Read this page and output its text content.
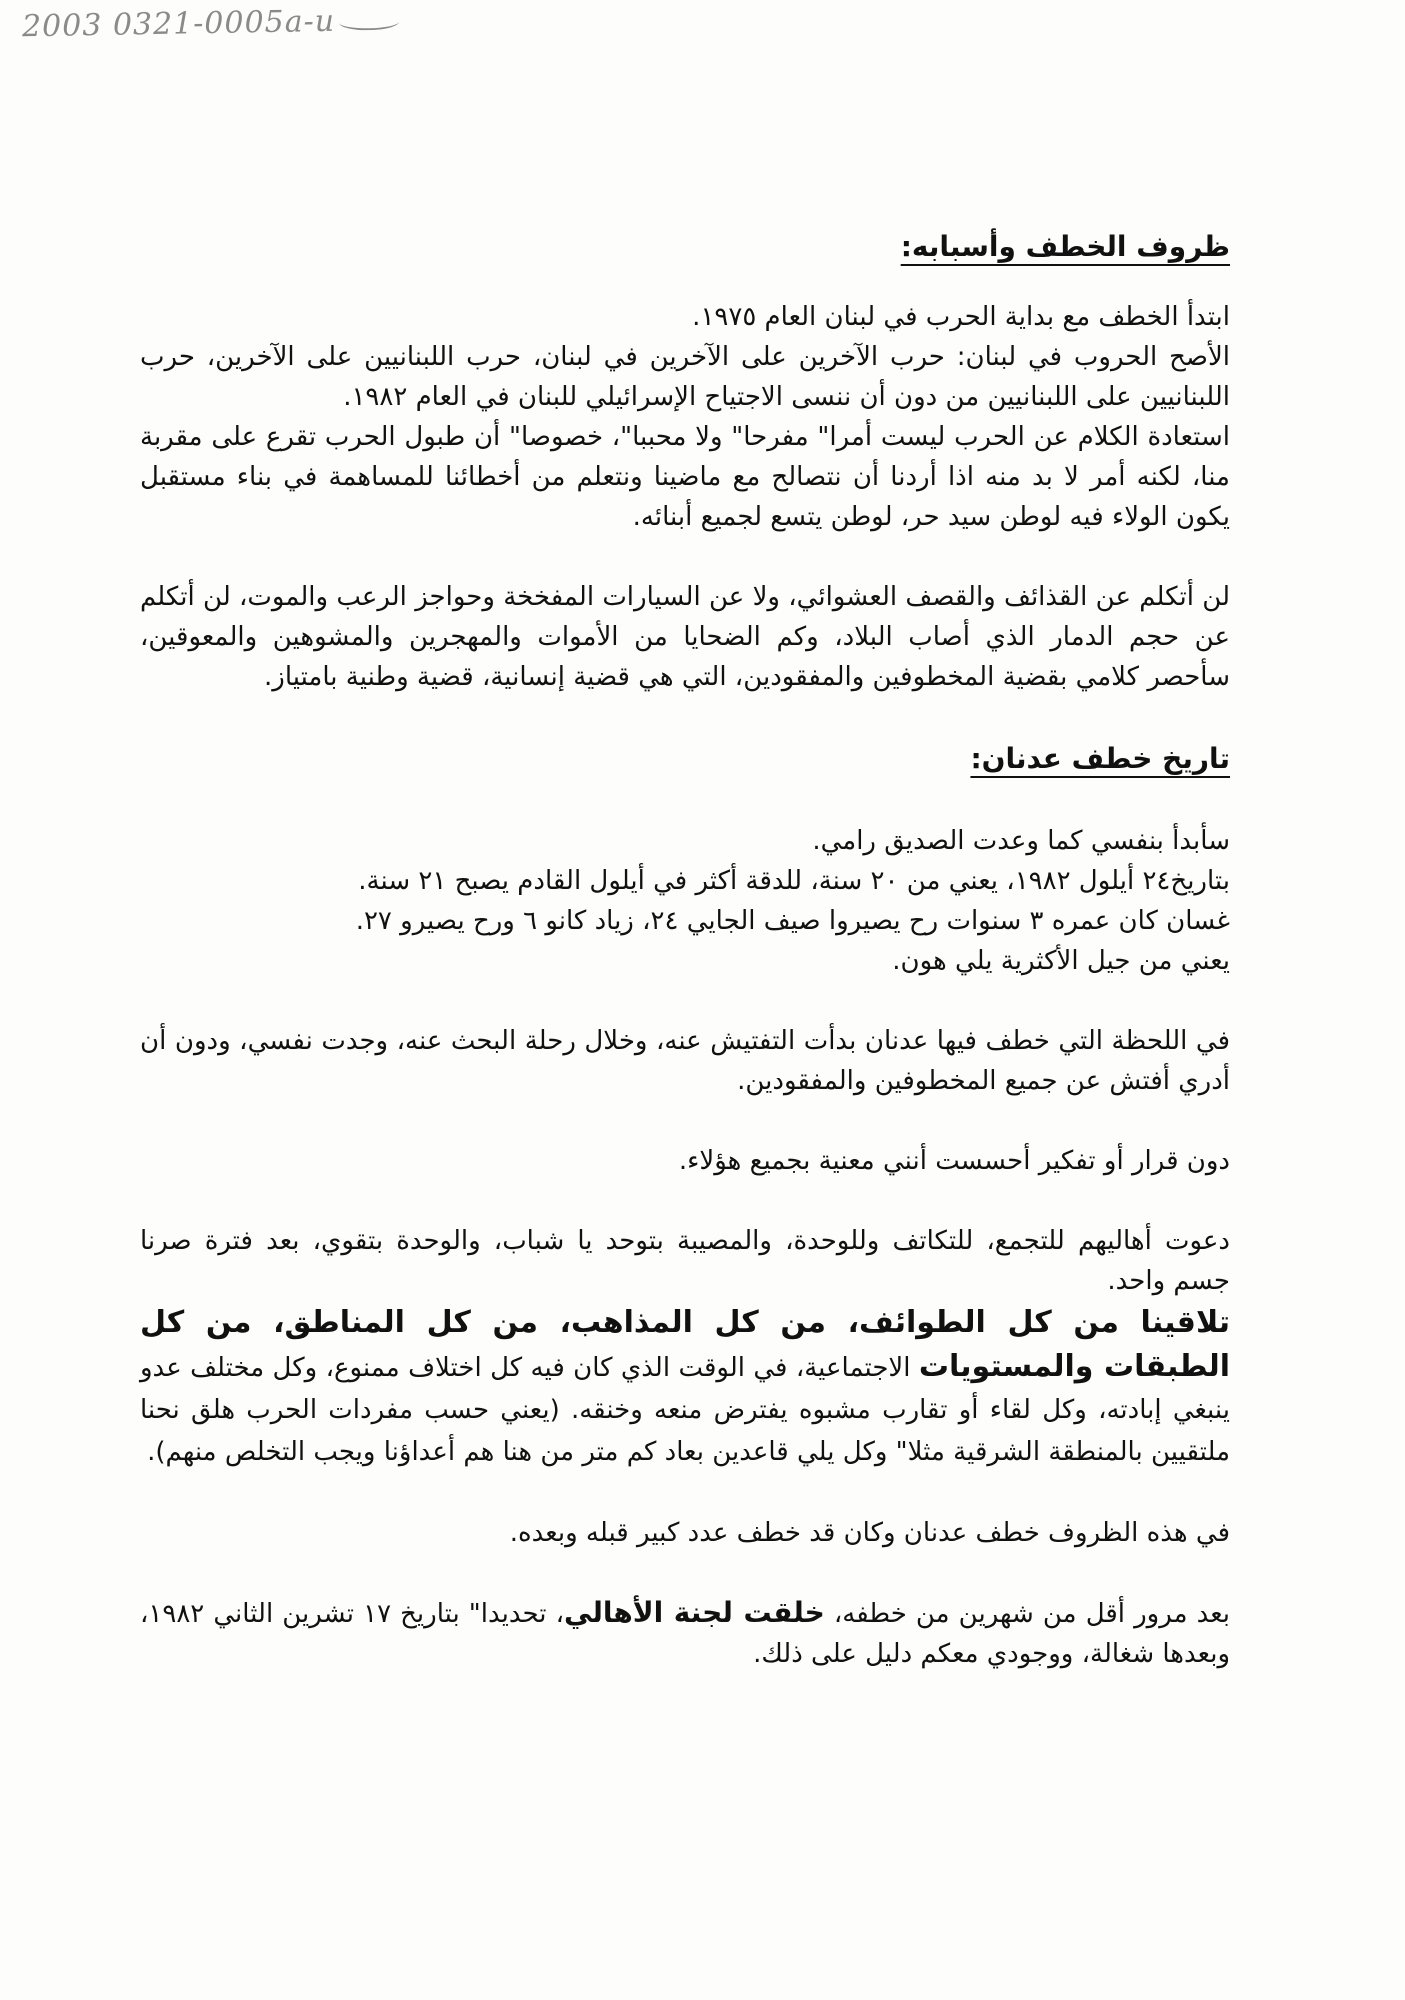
2003 0321-0005a-u
ظروف الخطف وأسبابه:

ابتدأ الخطف مع بداية الحرب في لبنان العام ١٩٧٥.

الأصح الحروب في لبنان: حرب الآخرين على الآخرين في لبنان، حرب اللبنانيين على الآخرين، حرب اللبنانيين على اللبنانيين من دون أن ننسى الاجتياح الإسرائيلي للبنان في العام ١٩٨٢.

استعادة الكلام عن الحرب ليست أمرا" مفرحا" ولا محببا"، خصوصا" أن طبول الحرب تقرع على مقربة منا، لكنه أمر لا بد منه اذا أردنا أن نتصالح مع ماضينا ونتعلم من أخطائنا للمساهمة في بناء مستقبل يكون الولاء فيه لوطن سيد حر، لوطن يتسع لجميع أبنائه.

لن أتكلم عن القذائف والقصف العشوائي، ولا عن السيارات المفخخة وحواجز الرعب والموت، لن أتكلم عن حجم الدمار الذي أصاب البلاد، وكم الضحايا من الأموات والمهجرين والمشوهين والمعوقين، سأحصر كلامي بقضية المخطوفين والمفقودين، التي هي قضية إنسانية، قضية وطنية بامتياز.

تاريخ خطف عدنان:

سأبدأ بنفسي كما وعدت الصديق رامي.

بتاريخ٢٤ أيلول ١٩٨٢، يعني من ٢٠ سنة، للدقة أكثر في أيلول القادم يصبح ٢١ سنة.

غسان كان عمره ٣ سنوات رح يصيروا صيف الجايي ٢٤، زياد كانو ٦ ورح يصيرو ٢٧.

يعني من جيل الأكثرية يلي هون.

في اللحظة التي خطف فيها عدنان بدأت التفتيش عنه، وخلال رحلة البحث عنه، وجدت نفسي، ودون أن أدري أفتش عن جميع المخطوفين والمفقودين.

دون قرار أو تفكير أحسست أنني معنية بجميع هؤلاء.

دعوت أهاليهم للتجمع، للتكاتف وللوحدة، والمصيبة بتوحد يا شباب، والوحدة بتقوي، بعد فترة صرنا جسم واحد.

تلاقينا من كل الطوائف، من كل المذاهب، من كل المناطق، من كل الطبقات والمستويات الاجتماعية، في الوقت الذي كان فيه كل اختلاف ممنوع، وكل مختلف عدو ينبغي إبادته، وكل لقاء أو تقارب مشبوه يفترض منعه وخنقه. (يعني حسب مفردات الحرب هلق نحنا ملتقيين بالمنطقة الشرقية مثلا" وكل يلي قاعدين بعاد كم متر من هنا هم أعداؤنا ويجب التخلص منهم).

في هذه الظروف خطف عدنان وكان قد خطف عدد كبير قبله وبعده.

بعد مرور أقل من شهرين من خطفه، خلقت لجنة الأهالي، تحديدا" بتاريخ ١٧ تشرين الثاني ١٩٨٢، وبعدها شغالة، ووجودي معكم دليل على ذلك.
